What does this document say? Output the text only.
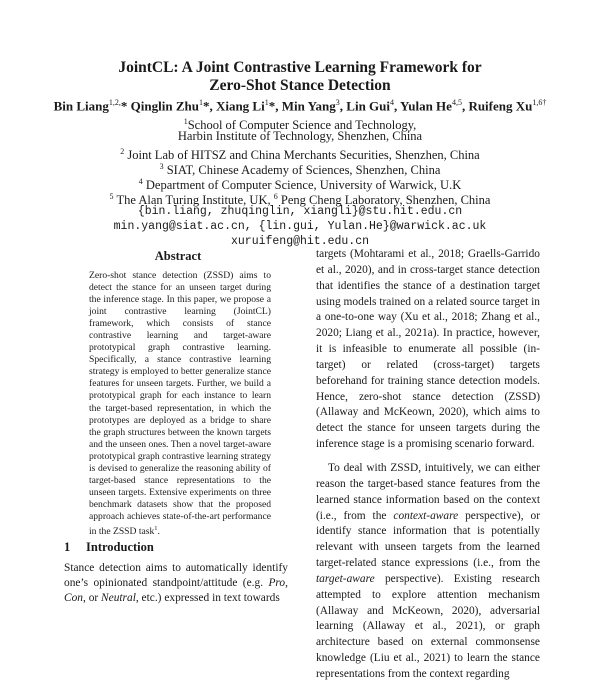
JointCL: A Joint Contrastive Learning Framework for
Zero-Shot Stance Detection
Bin Liang$^{1,2,}$* Qinglin Zhu$^1$*, Xiang Li$^1$*, Min Yang$^3$, Lin Gui$^4$, Yulan He$^{4,5}$, Ruifeng $Xu^{1,6\dagger}$
$^1$School of Computer Science and Technology,
Harbin Institute of Technology, Shenzhen, China
$^2$ Joint Lab of HITSZ and China Merchants Securities, Shenzhen, China
$^3$ SIAT, Chinese Academy of Sciences, Shenzhen, China
$^4$ Department of Computer Science, University of Warwick, U.K
$^5$ The Alan Turing Institute, UK, $^6$ Peng Cheng Laboratory, Shenzhen, China
{bin.liang, zhuqinglin, xiangli}@stu.hit.edu.cn
min.yang@siat.ac.cn, {lin.gui, Yulan.He}@warwick.ac.uk
xuruifeng@hit.edu.cn
Abstract
Zero-shot stance detection (ZSSD) aims to detect the stance for an unseen target during the inference stage. In this paper, we propose a joint contrastive learning (JointCL) framework, which consists of stance contrastive learning and target-aware prototypical graph contrastive learning. Specifically, a stance contrastive learning strategy is employed to better generalize stance features for unseen targets. Further, we build a prototypical graph for each instance to learn the target-based representation, in which the prototypes are deployed as a bridge to share the graph structures between the known targets and the unseen ones. Then a novel target-aware prototypical graph contrastive learning strategy is devised to generalize the reasoning ability of target-based stance representations to the unseen targets. Extensive experiments on three benchmark datasets show that the proposed approach achieves state-of-the-art performance in the ZSSD task$^1$.
1 Introduction
Stance detection aims to automatically identify one’s opinionated standpoint/attitude (e.g. Pro, Con, or Neutral, etc.) expressed in text towards

targets (Mohtarami et al., 2018; Graells-Garrido et al., 2020), and in cross-target stance detection that identifies the stance of a destination target using models trained on a related source target in a one-to-one way (Xu et al., 2018; Zhang et al., 2020; Liang et al., 2021a). In practice, however, it is infeasible to enumerate all possible (in-target) or related (cross-target) targets beforehand for training stance detection models. Hence, zero-shot stance detection (ZSSD) (Allaway and McKeown, 2020), which aims to detect the stance for unseen targets during the inference stage is a promising scenario forward.

To deal with ZSSD, intuitively, we can either reason the target-based stance features from the learned stance information based on the context (i.e., from the context-aware perspective), or identify stance information that is potentially relevant with unseen targets from the learned target-related stance expressions (i.e., from the target-aware perspective). Existing research attempted to explore attention mechanism (Allaway and McKeown, 2020), adversarial learning (Allaway et al., 2021), or graph architecture based on external commonsense knowledge (Liu et al., 2021) to learn the stance representations from the context regarding
